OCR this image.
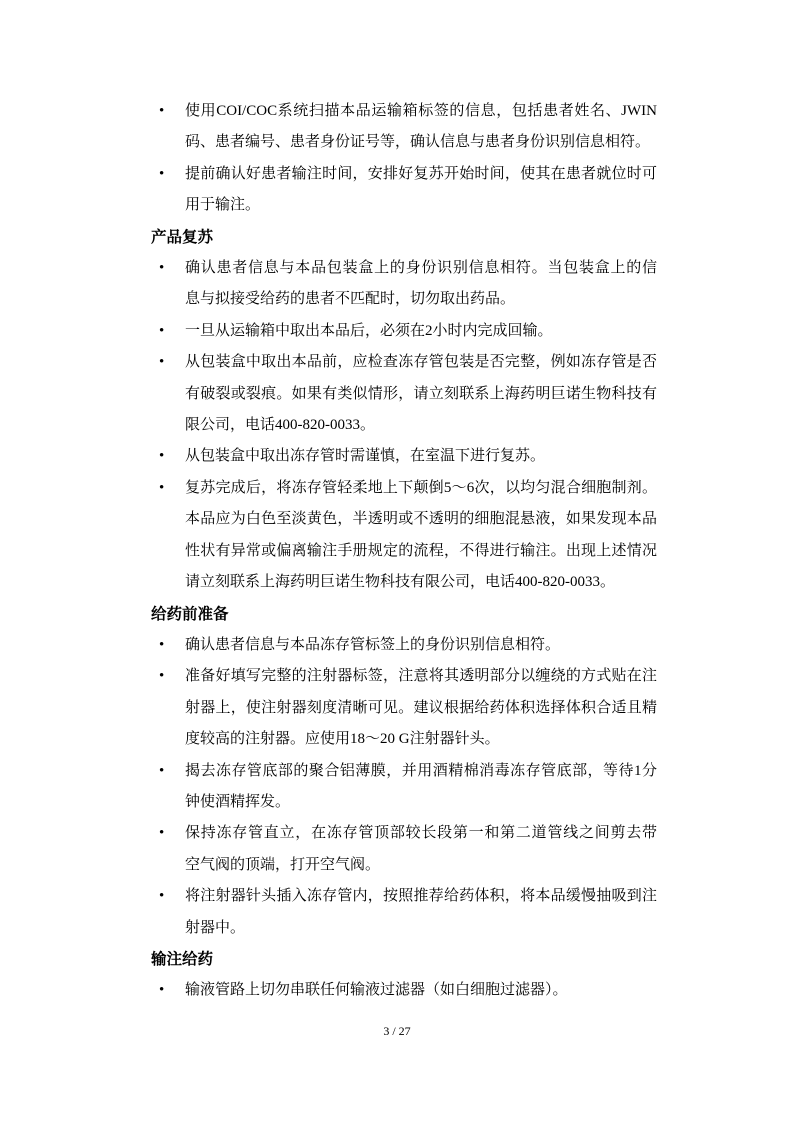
• 使用COI/COC系统扫描本品运输箱标签的信息，包括患者姓名、JWIN
码、患者编号、患者身份证号等，确认信息与患者身份识别信息相符。
• 提前确认好患者输注时间，安排好复苏开始时间，使其在患者就位时可
用于输注。
产品复苏
• 确认患者信息与本品包装盒上的身份识别信息相符。当包装盒上的信
息与拟接受给药的患者不匹配时，切勿取出药品。
• 一旦从运输箱中取出本品后，必须在2小时内完成回输。
• 从包装盒中取出本品前，应检查冻存管包装是否完整，例如冻存管是否
有破裂或裂痕。如果有类似情形，请立刻联系上海药明巨诺生物科技有
限公司，电话400-820-0033。
• 从包装盒中取出冻存管时需谨慎，在室温下进行复苏。
• 复苏完成后，将冻存管轻柔地上下颠倒5～6次，以均匀混合细胞制剂。
本品应为白色至淡黄色，半透明或不透明的细胞混悬液，如果发现本品
性状有异常或偏离输注手册规定的流程，不得进行输注。出现上述情况
请立刻联系上海药明巨诺生物科技有限公司，电话400-820-0033。
给药前准备
• 确认患者信息与本品冻存管标签上的身份识别信息相符。
• 准备好填写完整的注射器标签，注意将其透明部分以缠绕的方式贴在注
射器上，使注射器刻度清晰可见。建议根据给药体积选择体积合适且精
度较高的注射器。应使用18～20 G注射器针头。
• 揭去冻存管底部的聚合铝薄膜，并用酒精棉消毒冻存管底部，等待1分
钟使酒精挥发。
• 保持冻存管直立，在冻存管顶部较长段第一和第二道管线之间剪去带
空气阀的顶端，打开空气阀。
• 将注射器针头插入冻存管内，按照推荐给药体积，将本品缓慢抽吸到注
射器中。
输注给药
• 输液管路上切勿串联任何输液过滤器（如白细胞过滤器）。
3 / 27
